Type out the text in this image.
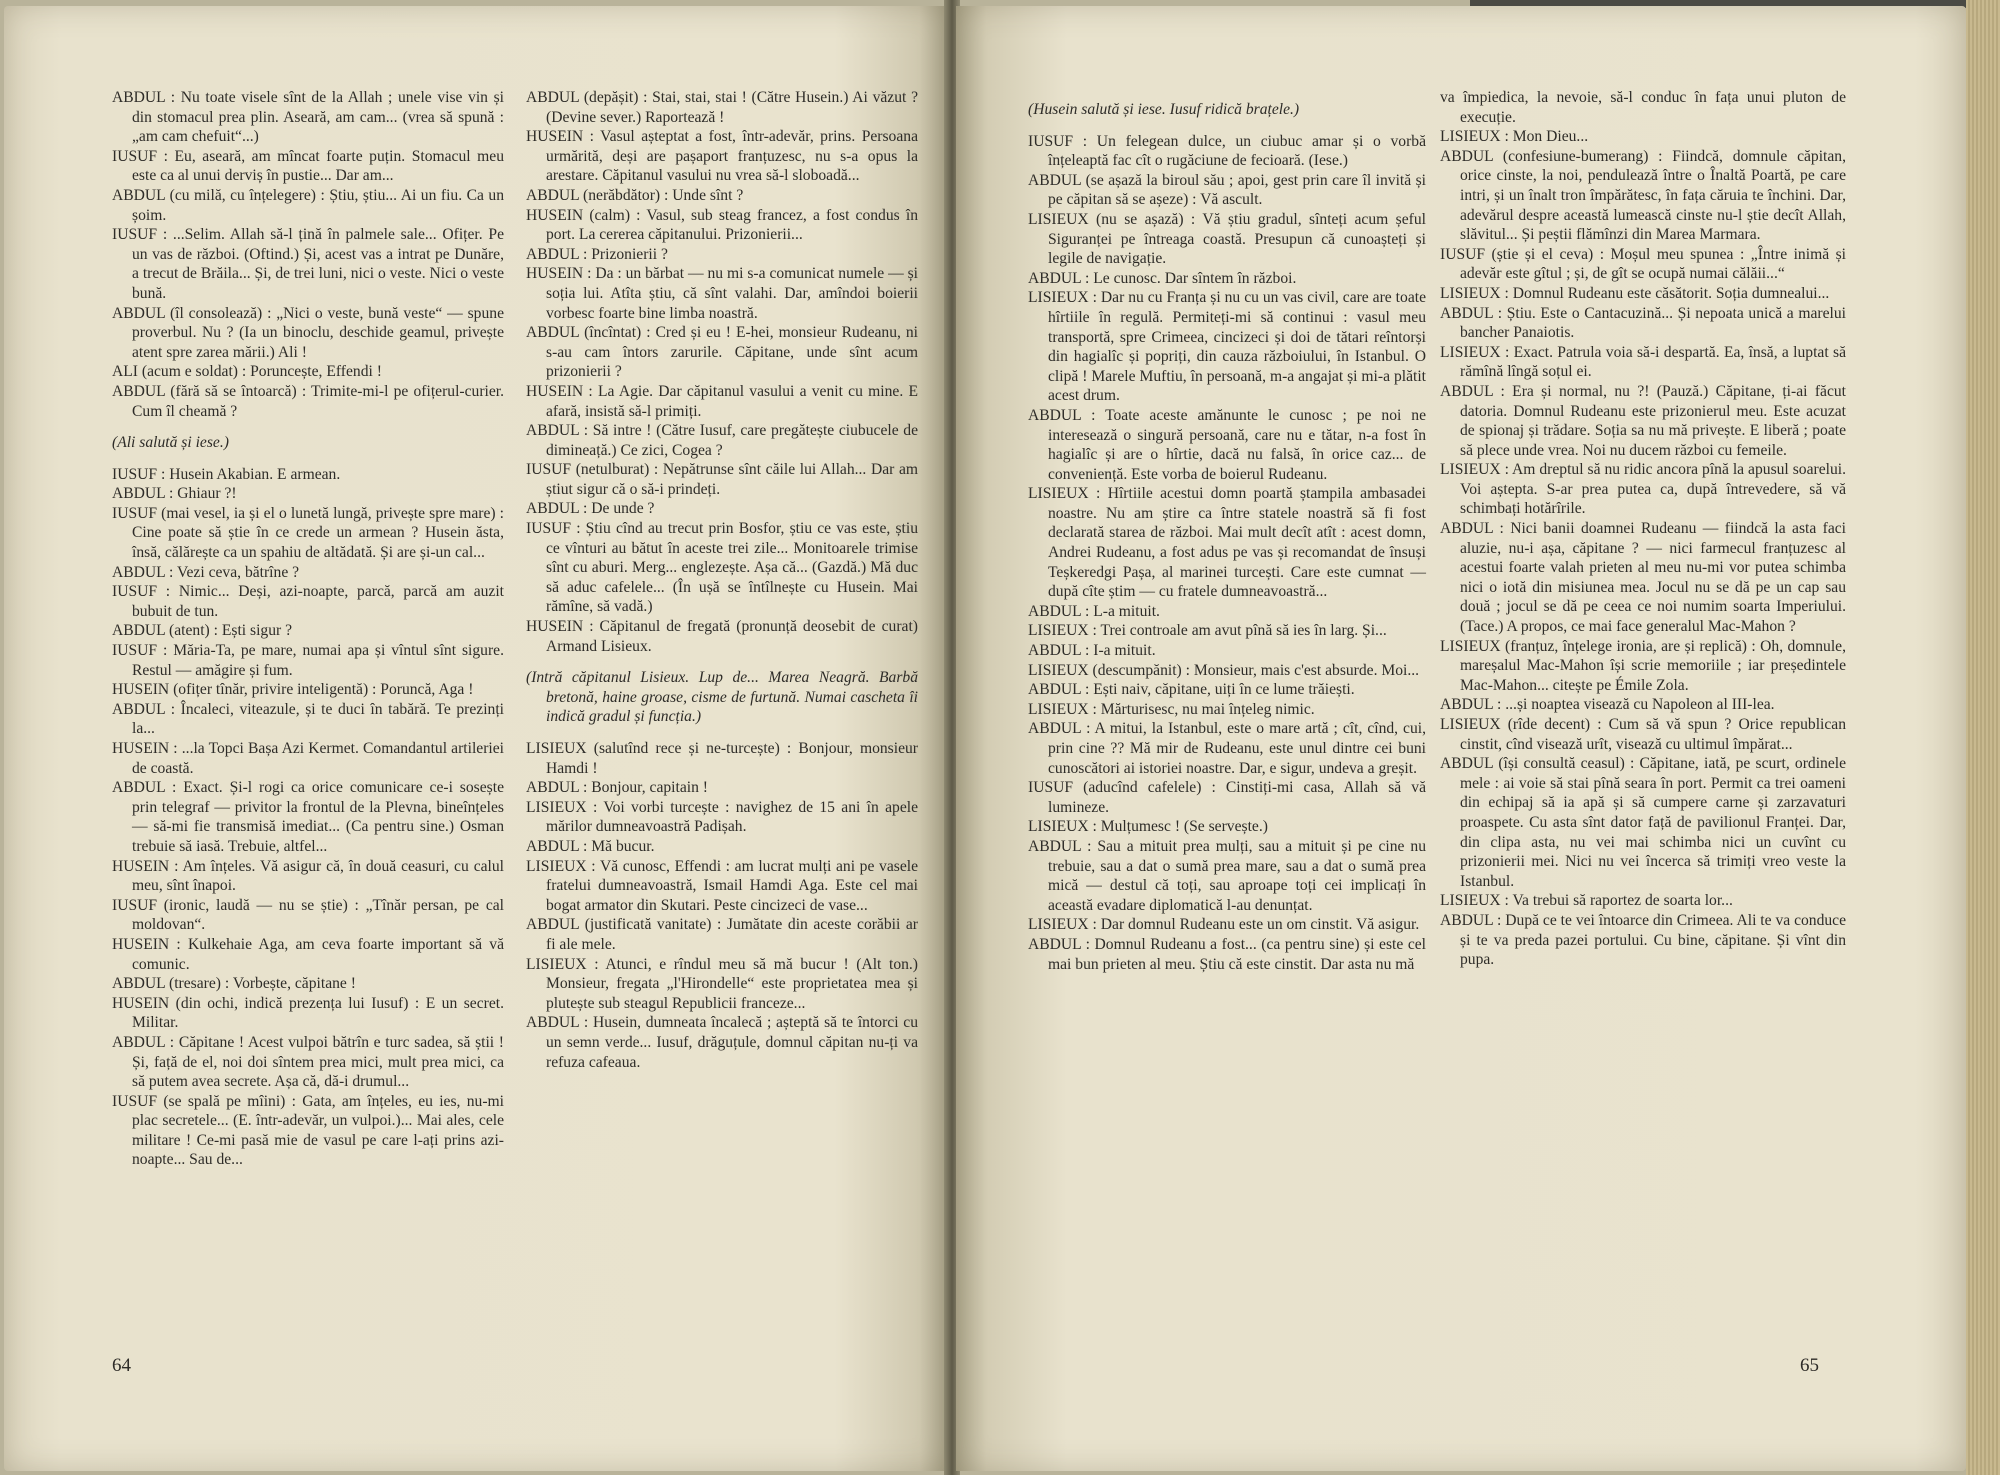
ABDUL : Nu toate visele sînt de la Allah ; unele vise vin și din stomacul prea plin. Aseară, am cam... (vrea să spună : „am cam chefuit“...)

IUSUF : Eu, aseară, am mîncat foarte puțin. Stomacul meu este ca al unui derviș în pustie... Dar am...

ABDUL (cu milă, cu înțelegere) : Știu, știu... Ai un fiu. Ca un șoim.

IUSUF : ...Selim. Allah să-l țină în palmele sale... Ofițer. Pe un vas de război. (Oftind.) Și, acest vas a intrat pe Dunăre, a trecut de Brăila... Și, de trei luni, nici o veste. Nici o veste bună.

ABDUL (îl consolează) : „Nici o veste, bună veste“ — spune proverbul. Nu ? (Ia un binoclu, deschide geamul, privește atent spre zarea mării.) Ali !

ALI (acum e soldat) : Poruncește, Effendi !

ABDUL (fără să se întoarcă) : Trimite-mi-l pe ofițerul-curier. Cum îl cheamă ?

(Ali salută și iese.)

IUSUF : Husein Akabian. E armean.

ABDUL : Ghiaur ?!

IUSUF (mai vesel, ia și el o lunetă lungă, privește spre mare) : Cine poate să știe în ce crede un armean ? Husein ăsta, însă, călărește ca un spahiu de altădată. Și are și-un cal...

ABDUL : Vezi ceva, bătrîne ?

IUSUF : Nimic... Deși, azi-noapte, parcă, parcă am auzit bubuit de tun.

ABDUL (atent) : Ești sigur ?

IUSUF : Măria-Ta, pe mare, numai apa și vîntul sînt sigure. Restul — amăgire și fum.

HUSEIN (ofițer tînăr, privire inteligentă) : Poruncă, Aga !

ABDUL : Încaleci, viteazule, și te duci în tabără. Te prezinți la...

HUSEIN : ...la Topci Bașa Azi Kermet. Comandantul artileriei de coastă.

ABDUL : Exact. Și-l rogi ca orice comunicare ce-i sosește prin telegraf — privitor la frontul de la Plevna, bineînțeles — să-mi fie transmisă imediat... (Ca pentru sine.) Osman trebuie să iasă. Trebuie, altfel...

HUSEIN : Am înțeles. Vă asigur că, în două ceasuri, cu calul meu, sînt înapoi.

IUSUF (ironic, laudă — nu se știe) : „Tînăr persan, pe cal moldovan“.

HUSEIN : Kulkehaie Aga, am ceva foarte important să vă comunic.

ABDUL (tresare) : Vorbește, căpitane !

HUSEIN (din ochi, indică prezența lui Iusuf) : E un secret. Militar.

ABDUL : Căpitane ! Acest vulpoi bătrîn e turc sadea, să știi ! Și, față de el, noi doi sîntem prea mici, mult prea mici, ca să putem avea secrete. Așa că, dă-i drumul...

IUSUF (se spală pe mîini) : Gata, am înțeles, eu ies, nu-mi plac secretele... (E. într-adevăr, un vulpoi.)... Mai ales, cele militare ! Ce-mi pasă mie de vasul pe care l-ați prins azi-noapte... Sau de...

ABDUL (depășit) : Stai, stai, stai ! (Către Husein.) Ai văzut ? (Devine sever.) Raportează !

HUSEIN : Vasul așteptat a fost, într-adevăr, prins. Persoana urmărită, deși are pașaport franțuzesc, nu s-a opus la arestare. Căpitanul vasului nu vrea să-l sloboadă...

ABDUL (nerăbdător) : Unde sînt ?

HUSEIN (calm) : Vasul, sub steag francez, a fost condus în port. La cererea căpitanului. Prizonierii...

ABDUL : Prizonierii ?

HUSEIN : Da : un bărbat — nu mi s-a comunicat numele — și soția lui. Atîta știu, că sînt valahi. Dar, amîndoi boierii vorbesc foarte bine limba noastră.

ABDUL (încîntat) : Cred și eu ! E-hei, monsieur Rudeanu, ni s-au cam întors zarurile. Căpitane, unde sînt acum prizonierii ?

HUSEIN : La Agie. Dar căpitanul vasului a venit cu mine. E afară, insistă să-l primiți.

ABDUL : Să intre ! (Către Iusuf, care pregătește ciubucele de dimineață.) Ce zici, Cogea ?

IUSUF (netulburat) : Nepătrunse sînt căile lui Allah... Dar am știut sigur că o să-i prindeți.

ABDUL : De unde ?

IUSUF : Știu cînd au trecut prin Bosfor, știu ce vas este, știu ce vînturi au bătut în aceste trei zile... Monitoarele trimise sînt cu aburi. Merg... englezește. Așa că... (Gazdă.) Mă duc să aduc cafelele... (În ușă se întîlnește cu Husein. Mai rămîne, să vadă.)

HUSEIN : Căpitanul de fregată (pronunță deosebit de curat) Armand Lisieux.

(Intră căpitanul Lisieux. Lup de... Marea Neagră. Barbă bretonă, haine groase, cisme de furtună. Numai caschetа îi indică gradul și funcția.)

LISIEUX (salutînd rece și ne-turcește) : Bonjour, monsieur Hamdi !

ABDUL : Bonjour, capitain !

LISIEUX : Voi vorbi turcește : navighez de 15 ani în apele mărilor dumneavoastră Padișah.

ABDUL : Mă bucur.

LISIEUX : Vă cunosc, Effendi : am lucrat mulți ani pe vasele fratelui dumneavoastră, Ismail Hamdi Aga. Este cel mai bogat armator din Skutari. Peste cincizeci de vase...

ABDUL (justificată vanitate) : Jumătate din aceste corăbii ar fi ale mele.

LISIEUX : Atunci, e rîndul meu să mă bucur ! (Alt ton.) Monsieur, fregata „l'Hirondelle“ este proprietatea mea și plutește sub steagul Republicii franceze...

ABDUL : Husein, dumneata încalecă ; așteptă să te întorci cu un semn verde... Iusuf, drăguțule, domnul căpitan nu-ți va refuza cafeaua.

(Husein salută și iese. Iusuf ridică brațele.)

IUSUF : Un felegean dulce, un ciubuc amar și o vorbă înțeleaptă fac cît o rugăciune de fecioară. (Iese.)

ABDUL (se așază la biroul său ; apoi, gest prin care îl invită și pe căpitan să se așeze) : Vă ascult.

LISIEUX (nu se așază) : Vă știu gradul, sînteți acum șeful Siguranței pe întreaga coastă. Presupun că cunoașteți și legile de navigație.

ABDUL : Le cunosc. Dar sîntem în război.

LISIEUX : Dar nu cu Franța și nu cu un vas civil, care are toate hîrtiile în regulă. Permiteți-mi să continui : vasul meu transportă, spre Crimeea, cincizeci și doi de tătari reîntorși din hagialîc și popriți, din cauza războiului, în Istanbul. O clipă ! Marele Muftiu, în persoană, m-a angajat și mi-a plătit acest drum.

ABDUL : Toate aceste amănunte le cunosc ; pe noi ne interesează o singură persoană, care nu e tătar, n-a fost în hagialîc și are o hîrtie, dacă nu falsă, în orice caz... de conveniență. Este vorba de boierul Rudeanu.

LISIEUX : Hîrtiile acestui domn poartă ștampila ambasadei noastre. Nu am știre ca între statele noastră să fi fost declarată starea de război. Mai mult decît atît : acest domn, Andrei Rudeanu, a fost adus pe vas și recomandat de însuși Teșkeredgi Pașa, al marinei turcești. Care este cumnat — după cîte știm — cu fratele dumneavoastră...

ABDUL : L-a mituit.

LISIEUX : Trei controale am avut pînă să ies în larg. Și...

ABDUL : I-a mituit.

LISIEUX (descumpănit) : Monsieur, mais c'est absurde. Moi...

ABDUL : Ești naiv, căpitane, uiți în ce lume trăiești.

LISIEUX : Mărturisesc, nu mai înțeleg nimic.

ABDUL : A mitui, la Istanbul, este o mare artă ; cît, cînd, cui, prin cine ?? Mă mir de Rudeanu, este unul dintre cei buni cunoscători ai istoriei noastre. Dar, e sigur, undeva a greșit.

IUSUF (aducînd cafelele) : Cinstiți-mi casa, Allah să vă lumineze.

LISIEUX : Mulțumesc ! (Se servește.)

ABDUL : Sau a mituit prea mulți, sau a mituit și pe cine nu trebuie, sau a dat o sumă prea mare, sau a dat o sumă prea mică — destul că toți, sau aproape toți cei implicați în această evadare diplomatică l-au denunțat.

LISIEUX : Dar domnul Rudeanu este un om cinstit. Vă asigur.

ABDUL : Domnul Rudeanu a fost... (ca pentru sine) și este cel mai bun prieten al meu. Știu că este cinstit. Dar asta nu mă

va împiedica, la nevoie, să-l conduc în fața unui pluton de execuție.

LISIEUX : Mon Dieu...

ABDUL (confesiune-bumerang) : Fiindcă, domnule căpitan, orice cinste, la noi, pendulează între o Înaltă Poartă, pe care intri, și un înalt tron împărătesc, în fața căruia te închini. Dar, adevărul despre această lumească cinste nu-l știe decît Allah, slăvitul... Și peștii flămînzi din Marea Marmara.

IUSUF (știe și el ceva) : Moșul meu spunea : „Între inimă și adevăr este gîtul ; și, de gît se ocupă numai călăii...“

LISIEUX : Domnul Rudeanu este căsătorit. Soția dumnealui...

ABDUL : Știu. Este o Cantacuzină... Și nepoata unică a marelui bancher Panaiotis.

LISIEUX : Exact. Patrula voia să-i despartă. Ea, însă, a luptat să rămînă lîngă soțul ei.

ABDUL : Era și normal, nu ?! (Pauză.) Căpitane, ți-ai făcut datoria. Domnul Rudeanu este prizonierul meu. Este acuzat de spionaj și trădare. Soția sa nu mă privește. E liberă ; poate să plece unde vrea. Noi nu ducem război cu femeile.

LISIEUX : Am dreptul să nu ridic ancora pînă la apusul soarelui. Voi aștepta. S-ar prea putea ca, după întrevedere, să vă schimbați hotărîrile.

ABDUL : Nici banii doamnei Rudeanu — fiindcă la asta faci aluzie, nu-i așa, căpitane ? — nici farmecul franțuzesc al acestui foarte valah prieten al meu nu-mi vor putea schimba nici o iotă din misiunea mea. Jocul nu se dă pe un cap sau două ; jocul se dă pe ceea ce noi numim soarta Imperiului. (Tace.) A propos, ce mai face generalul Mac-Mahon ?

LISIEUX (franțuz, înțelege ironia, are și replică) : Oh, domnule, mareșalul Mac-Mahon își scrie memoriile ; iar președintele Mac-Mahon... citește pe Émile Zola.

ABDUL : ...și noaptea visează cu Napoleon al III-lea.

LISIEUX (rîde decent) : Cum să vă spun ? Orice republican cinstit, cînd visează urît, visează cu ultimul împărat...

ABDUL (își consultă ceasul) : Căpitane, iată, pe scurt, ordinele mele : ai voie să stai pînă seara în port. Permit ca trei oameni din echipaj să ia apă și să cumpere carne și zarzavaturi proaspete. Cu asta sînt dator față de pavilionul Franței. Dar, din clipa asta, nu vei mai schimba nici un cuvînt cu prizonierii mei. Nici nu vei încerca să trimiți vreo veste la Istanbul.

LISIEUX : Va trebui să raportez de soarta lor...

ABDUL : După ce te vei întoarce din Crimeea. Ali te va conduce și te va preda pazei portului. Cu bine, căpitane. Și vînt din pupa.

64	65
